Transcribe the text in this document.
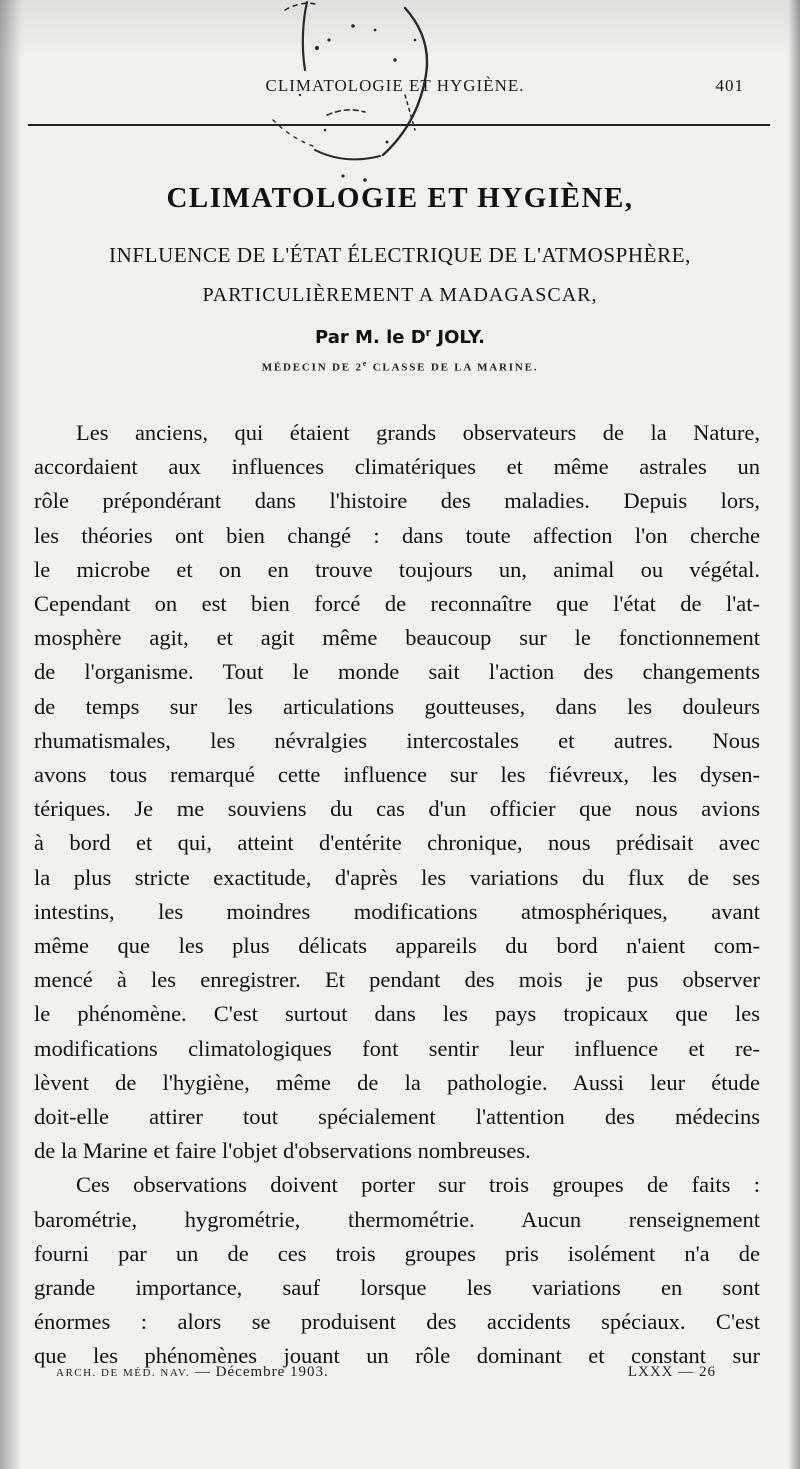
CLIMATOLOGIE ET HYGIÈNE.	401
CLIMATOLOGIE ET HYGIÈNE,
INFLUENCE DE L'ÉTAT ÉLECTRIQUE DE L'ATMOSPHÈRE,
PARTICULIÈREMENT A MADAGASCAR,
Par M. le $D^r$ JOLY.
MÉDECIN DE 2e CLASSE DE LA MARINE.

Les anciens, qui étaient grands observateurs de la Nature,

accordaient aux influences climatériques et même astrales un

rôle prépondérant dans l'histoire des maladies. Depuis lors,

les théories ont bien changé : dans toute affection l'on cherche

le microbe et on en trouve toujours un, animal ou végétal.

Cependant on est bien forcé de reconnaître que l'état de l'at-

mosphère agit, et agit même beaucoup sur le fonctionnement

de l'organisme. Tout le monde sait l'action des changements

de temps sur les articulations goutteuses, dans les douleurs

rhumatismales, les névralgies intercostales et autres. Nous

avons tous remarqué cette influence sur les fiévreux, les dysen-

tériques. Je me souviens du cas d'un officier que nous avions

à bord et qui, atteint d'entérite chronique, nous prédisait avec

la plus stricte exactitude, d'après les variations du flux de ses

intestins, les moindres modifications atmosphériques, avant

même que les plus délicats appareils du bord n'aient com-

mencé à les enregistrer. Et pendant des mois je pus observer

le phénomène. C'est surtout dans les pays tropicaux que les

modifications climatologiques font sentir leur influence et re-

lèvent de l'hygiène, même de la pathologie. Aussi leur étude

doit-elle attirer tout spécialement l'attention des médecins

de la Marine et faire l'objet d'observations nombreuses.

Ces observations doivent porter sur trois groupes de faits :

barométrie, hygrométrie, thermométrie. Aucun renseignement

fourni par un de ces trois groupes pris isolément n'a de

grande importance, sauf lorsque les variations en sont

énormes : alors se produisent des accidents spéciaux. C'est

que les phénomènes jouant un rôle dominant et constant sur

ARCH. DE MÉD. NAV. — Décembre 1903.	LXXX — 26
